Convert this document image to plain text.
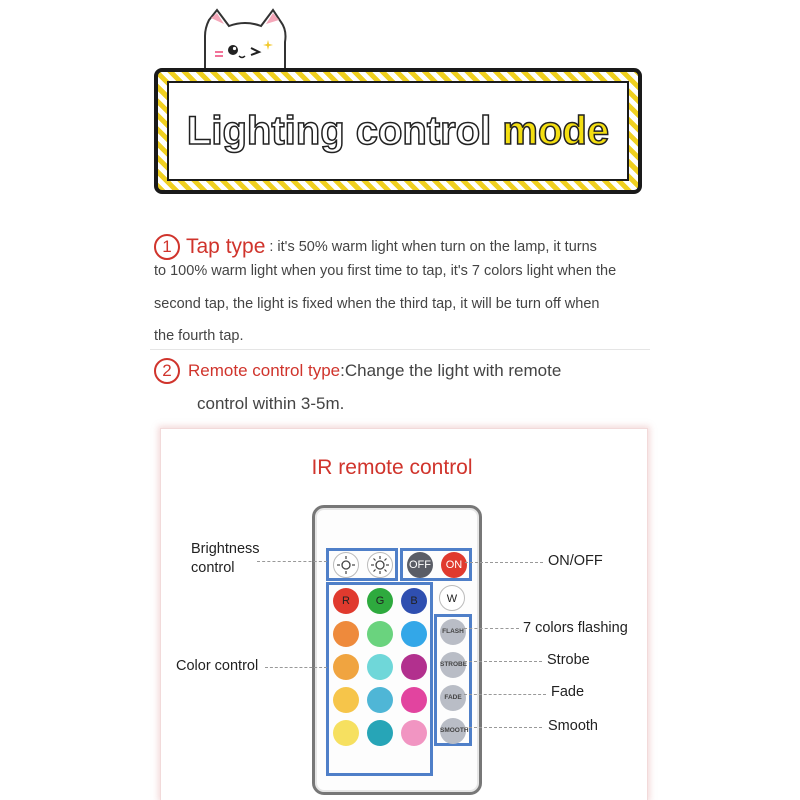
Lighting control mode
1 Tap type : it's 50% warm light when turn on the lamp, it turns
to 100% warm light when you first time to tap, it's 7 colors light when the
second tap, the light is fixed when the third tap, it will be turn off when
the fourth tap.
2 Remote control type:Change the light with remote
control within 3-5m.
IR remote control
OFF	ON
R	G	B	W
FLASH
STROBE
FADE
SMOOTH
Brightness
control
Color control
ON/OFF
7 colors flashing
Strobe
Fade
Smooth
